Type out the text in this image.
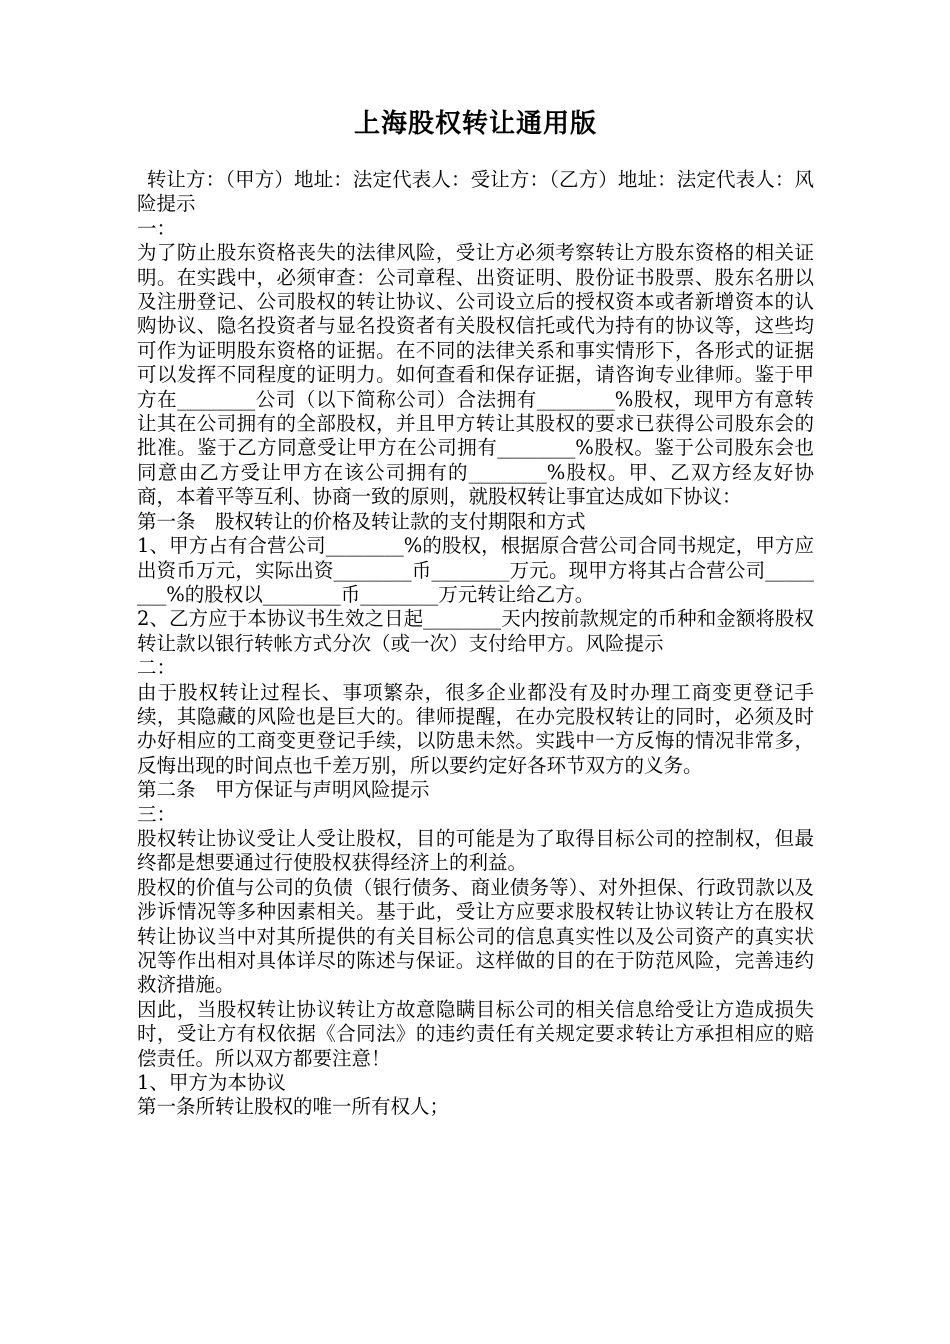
上海股权转让通用版

转让方：（甲方）地址：法定代表人：受让方：（乙方）地址：法定代表人：风险提示

一：

为了防止股东资格丧失的法律风险，受让方必须考察转让方股东资格的相关证明。在实践中，必须审查：公司章程、出资证明、股份证书股票、股东名册以及注册登记、公司股权的转让协议、公司设立后的授权资本或者新增资本的认购协议、隐名投资者与显名投资者有关股权信托或代为持有的协议等，这些均可作为证明股东资格的证据。在不同的法律关系和事实情形下，各形式的证据可以发挥不同程度的证明力。如何查看和保存证据，请咨询专业律师。鉴于甲方在________公司（以下简称公司）合法拥有________%股权，现甲方有意转让其在公司拥有的全部股权，并且甲方转让其股权的要求已获得公司股东会的批准。鉴于乙方同意受让甲方在公司拥有________%股权。鉴于公司股东会也同意由乙方受让甲方在该公司拥有的________%股权。甲、乙双方经友好协商，本着平等互利、协商一致的原则，就股权转让事宜达成如下协议：

第一条　股权转让的价格及转让款的支付期限和方式

1、甲方占有合营公司________%的股权，根据原合营公司合同书规定，甲方应出资币万元，实际出资________币________万元。现甲方将其占合营公司________%的股权以________币________万元转让给乙方。

2、乙方应于本协议书生效之日起________天内按前款规定的币种和金额将股权转让款以银行转帐方式分次（或一次）支付给甲方。风险提示

二：

由于股权转让过程长、事项繁杂，很多企业都没有及时办理工商变更登记手续，其隐藏的风险也是巨大的。律师提醒，在办完股权转让的同时，必须及时办好相应的工商变更登记手续，以防患未然。实践中一方反悔的情况非常多，反悔出现的时间点也千差万别，所以要约定好各环节双方的义务。

第二条　甲方保证与声明风险提示

三：

股权转让协议受让人受让股权，目的可能是为了取得目标公司的控制权，但最终都是想要通过行使股权获得经济上的利益。

股权的价值与公司的负债（银行债务、商业债务等）、对外担保、行政罚款以及涉诉情况等多种因素相关。基于此，受让方应要求股权转让协议转让方在股权转让协议当中对其所提供的有关目标公司的信息真实性以及公司资产的真实状况等作出相对具体详尽的陈述与保证。这样做的目的在于防范风险，完善违约救济措施。

因此，当股权转让协议转让方故意隐瞒目标公司的相关信息给受让方造成损失时，受让方有权依据《合同法》的违约责任有关规定要求转让方承担相应的赔偿责任。所以双方都要注意！

1、甲方为本协议

第一条所转让股权的唯一所有权人；
